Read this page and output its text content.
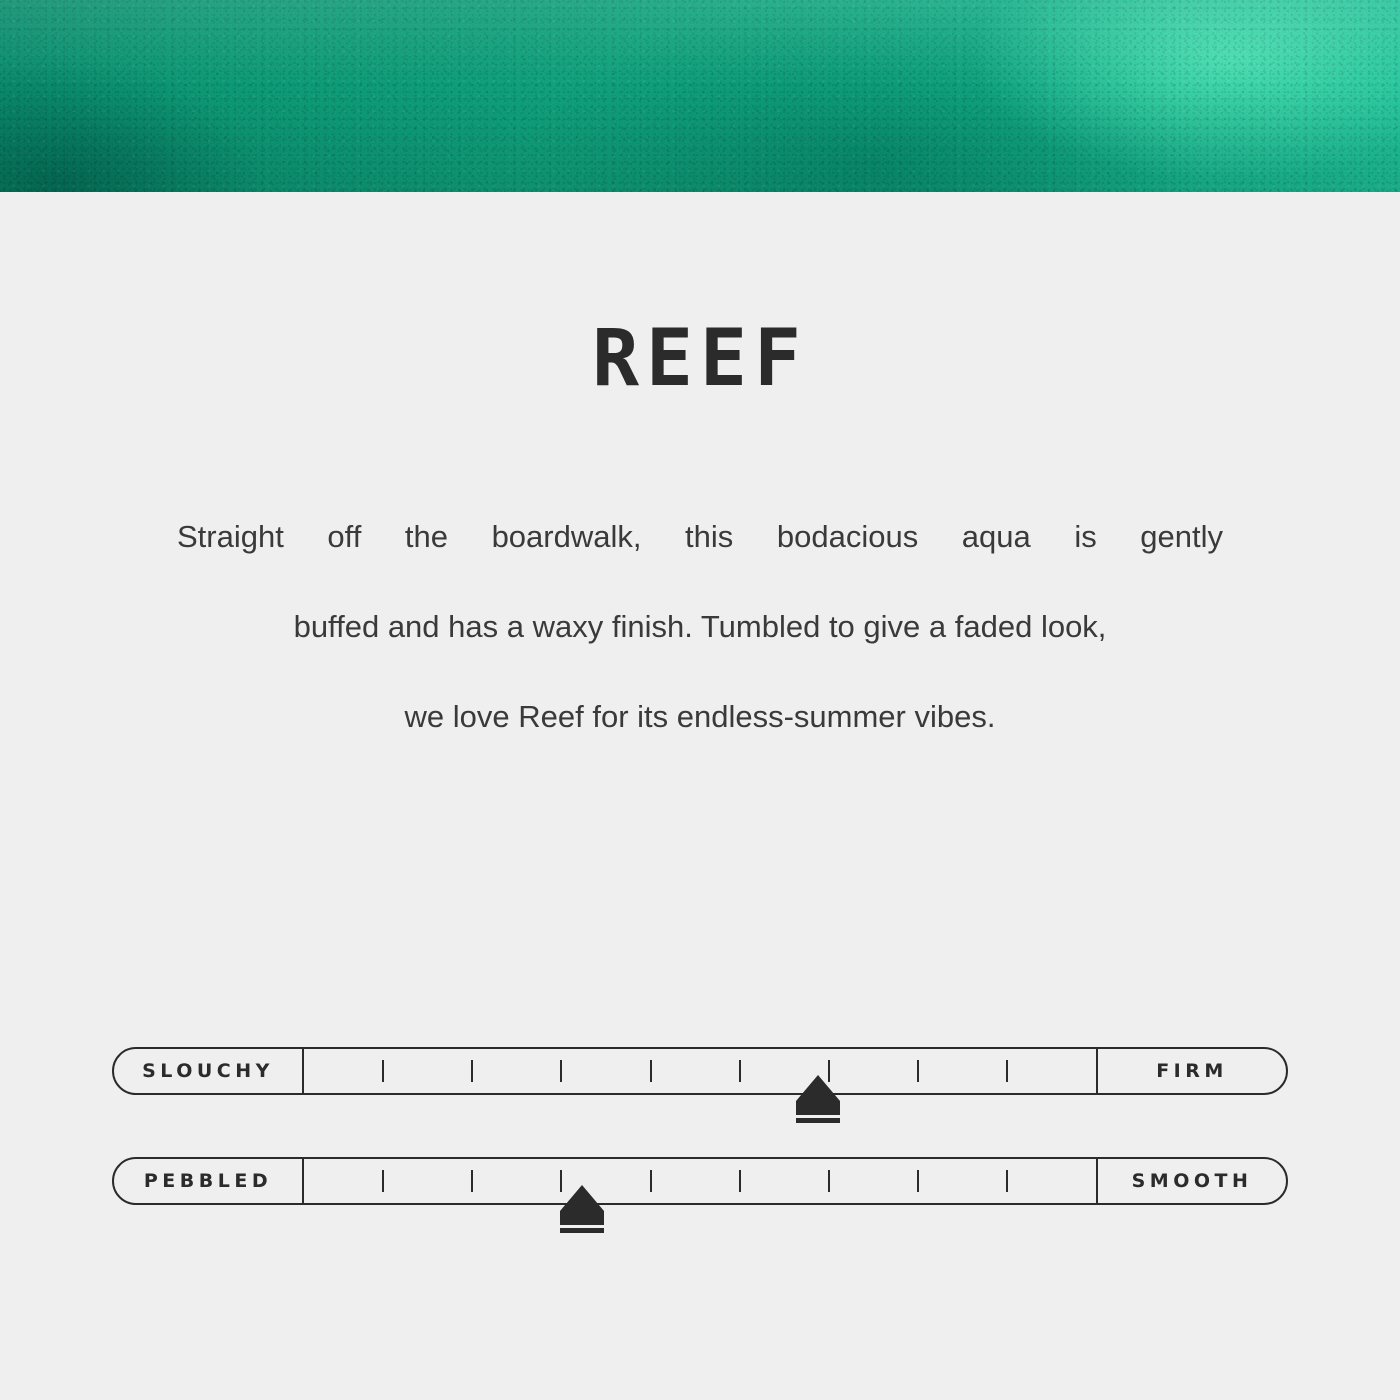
REEF
Straight off the boardwalk, this bodacious aqua is gently
buffed and has a waxy finish. Tumbled to give a faded look,
we love Reef for its endless-summer vibes.
SLOUCHY	FIRM
PEBBLED	SMOOTH
